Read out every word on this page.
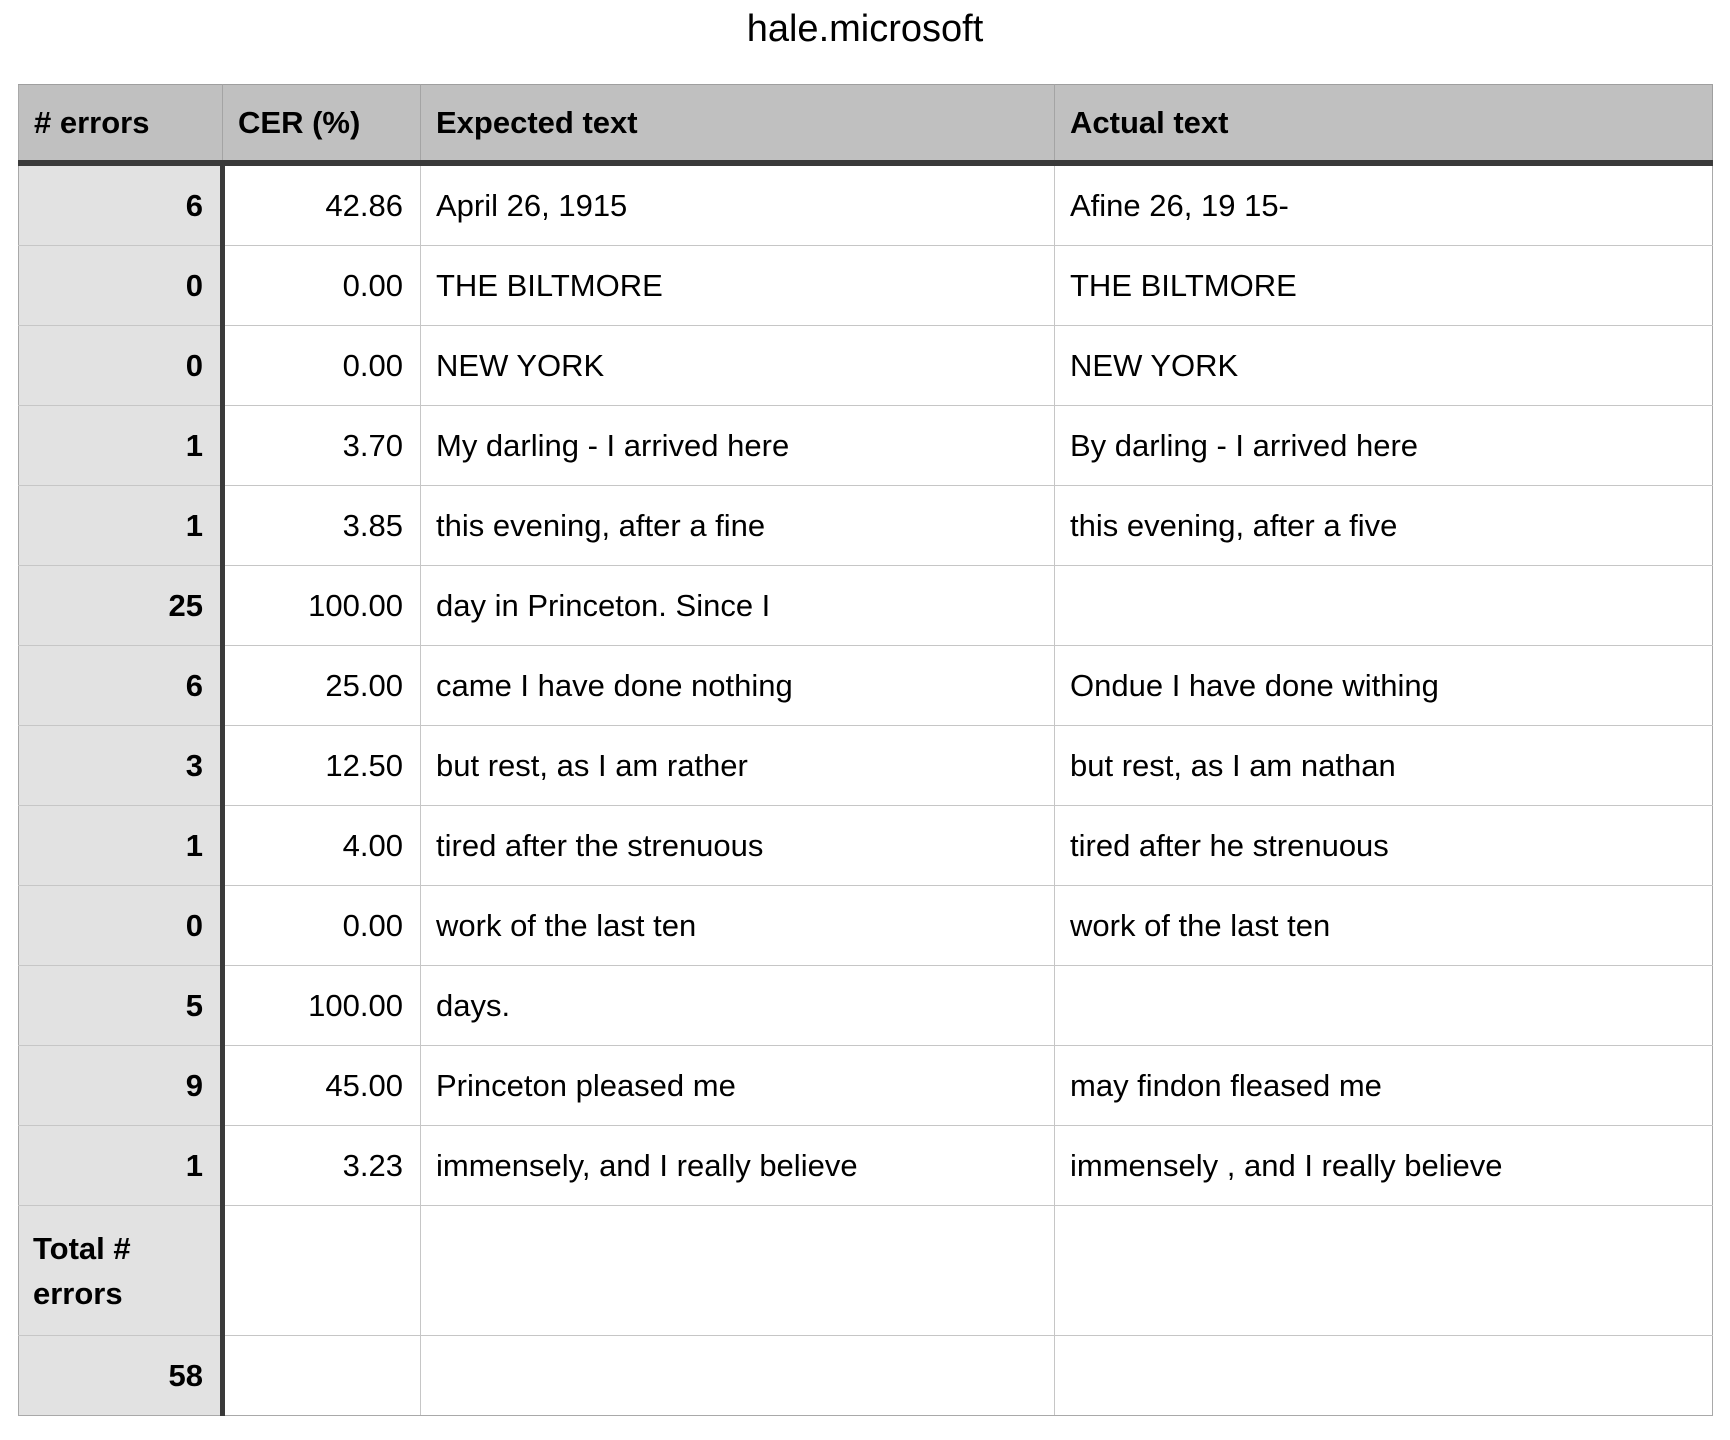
hale.microsoft
# errors	CER (%)	Expected text	Actual text
6	42.86	April 26, 1915	Afine 26, 19 15-
0	0.00	THE BILTMORE	THE BILTMORE
0	0.00	NEW YORK	NEW YORK
1	3.70	My darling - I arrived here	By darling - I arrived here
1	3.85	this evening, after a fine	this evening, after a five
25	100.00	day in Princeton. Since I	
6	25.00	came I have done nothing	Ondue I have done withing
3	12.50	but rest, as I am rather	but rest, as I am nathan
1	4.00	tired after the strenuous	tired after he strenuous
0	0.00	work of the last ten	work of the last ten
5	100.00	days.	
9	45.00	Princeton pleased me	may findon fleased me
1	3.23	immensely, and I really believe	immensely , and I really believe
Total # errors			
58			
